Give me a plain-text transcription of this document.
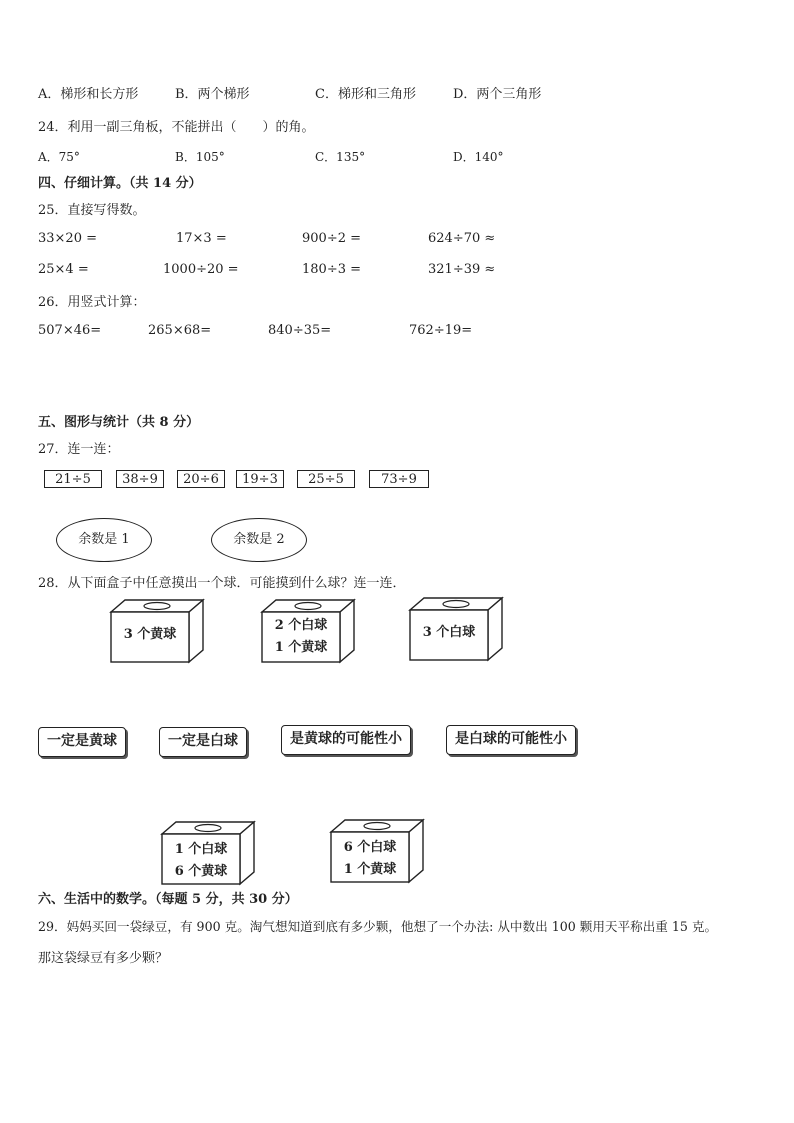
A．梯形和长方形	B．两个梯形	C．梯形和三角形	D．两个三角形
24．利用一副三角板，不能拼出（　　）的角。
A．75°	B．105°	C．135°	D．140°
四、仔细计算。（共 14 分）
25．直接写得数。
33×20 =	17×3 =	900÷2 =	624÷70 ≈
25×4 =	1000÷20 =	180÷3 =	321÷39 ≈
26．用竖式计算：
507×46=	265×68=	840÷35=	762÷19=
五、图形与统计（共 8 分）
27．连一连：
21÷5	38÷9	20÷6	19÷3	25÷5	73÷9
余数是 1	余数是 2
28．从下面盒子中任意摸出一个球．可能摸到什么球？连一连．
3 个黄球
2 个白球
1 个黄球
3 个白球
一定是黄球	一定是白球	是黄球的可能性小	是白球的可能性小
1 个白球
6 个黄球
6 个白球
1 个黄球
六、生活中的数学。（每题 5 分，共 30 分）
29．妈妈买回一袋绿豆，有 900 克。淘气想知道到底有多少颗，他想了一个办法: 从中数出 100 颗用天平称出重 15 克。
那这袋绿豆有多少颗？
